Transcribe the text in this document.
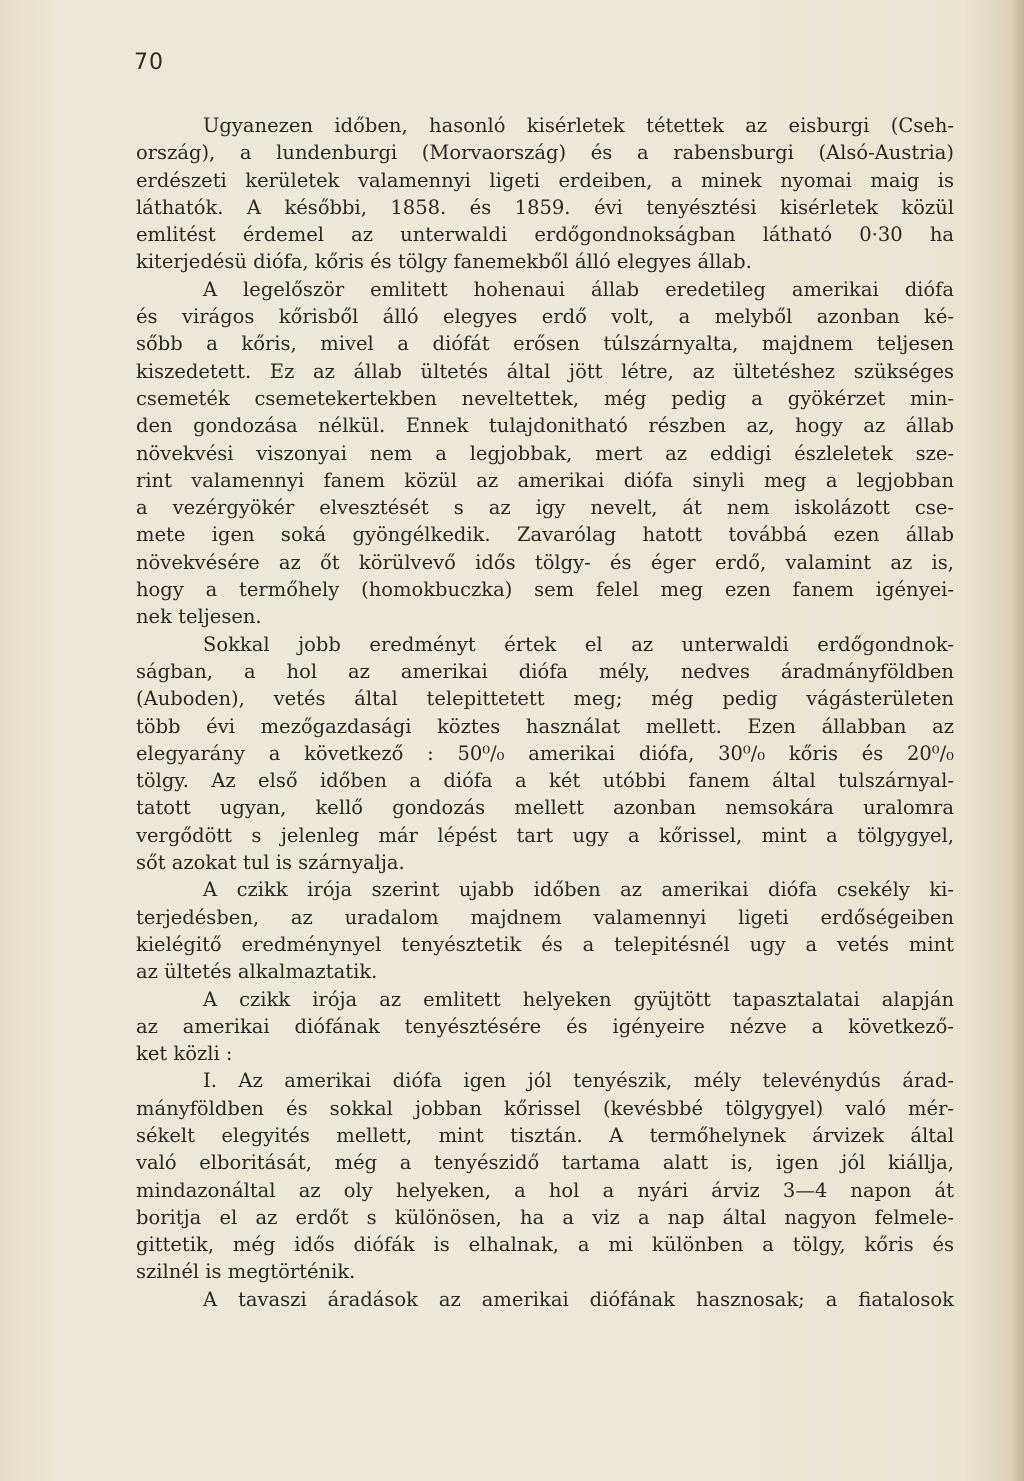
70
Ugyanezen időben, hasonló kisérletek tétettek az eisburgi (Cseh-
ország), a lundenburgi (Morvaország) és a rabensburgi (Alsó-Austria)
erdészeti kerületek valamennyi ligeti erdeiben, a minek nyomai maig is
láthatók. A későbbi, 1858. és 1859. évi tenyésztési kisérletek közül
emlitést érdemel az unterwaldi erdőgondnokságban látható 0·30 ha
kiterjedésü diófa, kőris és tölgy fanemekből álló elegyes állab.
A legelőször emlitett hohenaui állab eredetileg amerikai diófa
és virágos kőrisből álló elegyes erdő volt, a melyből azonban ké-
sőbb a kőris, mivel a diófát erősen túlszárnyalta, majdnem teljesen
kiszedetett. Ez az állab ültetés által jött létre, az ültetéshez szükséges
csemeték csemetekertekben neveltettek, még pedig a gyökérzet min-
den gondozása nélkül. Ennek tulajdonitható részben az, hogy az állab
növekvési viszonyai nem a legjobbak, mert az eddigi észleletek sze-
rint valamennyi fanem közül az amerikai diófa sinyli meg a legjobban
a vezérgyökér elvesztését s az igy nevelt, át nem iskolázott cse-
mete igen soká gyöngélkedik. Zavarólag hatott továbbá ezen állab
növekvésére az őt körülvevő idős tölgy- és éger erdő, valamint az is,
hogy a termőhely (homokbuczka) sem felel meg ezen fanem igényei-
nek teljesen.
Sokkal jobb eredményt értek el az unterwaldi erdőgondnok-
ságban, a hol az amerikai diófa mély, nedves áradmányföldben
(Auboden), vetés által telepittetett meg; még pedig vágásterületen
több évi mezőgazdasági köztes használat mellett. Ezen állabban az
elegyarány a következő : 50⁰/₀ amerikai diófa, 30⁰/₀ kőris és 20⁰/₀
tölgy. Az első időben a diófa a két utóbbi fanem által tulszárnyal-
tatott ugyan, kellő gondozás mellett azonban nemsokára uralomra
vergődött s jelenleg már lépést tart ugy a kőrissel, mint a tölgygyel,
sőt azokat tul is szárnyalja.
A czikk irója szerint ujabb időben az amerikai diófa csekély ki-
terjedésben, az uradalom majdnem valamennyi ligeti erdőségeiben
kielégitő eredménynyel tenyésztetik és a telepitésnél ugy a vetés mint
az ültetés alkalmaztatik.
A czikk irója az emlitett helyeken gyüjtött tapasztalatai alapján
az amerikai diófának tenyésztésére és igényeire nézve a következő-
ket közli :
I. Az amerikai diófa igen jól tenyészik, mély televénydús árad-
mányföldben és sokkal jobban kőrissel (kevésbbé tölgygyel) való mér-
sékelt elegyités mellett, mint tisztán. A termőhelynek árvizek által
való elboritását, még a tenyészidő tartama alatt is, igen jól kiállja,
mindazonáltal az oly helyeken, a hol a nyári árviz 3—4 napon át
boritja el az erdőt s különösen, ha a viz a nap által nagyon felmele-
gittetik, még idős diófák is elhalnak, a mi különben a tölgy, kőris és
szilnél is megtörténik.
A tavaszi áradások az amerikai diófának hasznosak; a fiatalosok
